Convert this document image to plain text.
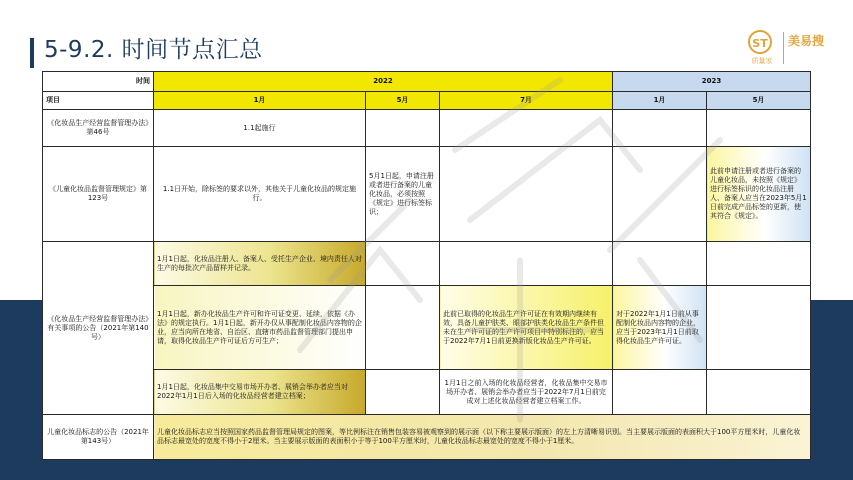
5-9.2. 时间节点汇总	ST
质量家
美易搜
时间	2022			2023	
项目	1月	5月	7月	1月	5月
《化妆品生产经营监督管理办法》第46号	1.1起施行				
《儿童化妆品监督管理规定》第123号	1.1日开始，除标签的要求以外，其他关于儿童化妆品的规定施行。	5月1日起，申请注册或者进行备案的儿童化妆品，必须按照《规定》进行标签标识；			此前申请注册或者进行备案的儿童化妆品，未按照《规定》进行标签标识的化妆品注册人、备案人应当在2023年5月1日前完成产品标签的更新，使其符合《规定》。
《化妆品生产经营监督管理办法》有关事项的公告（2021年第140号）	1月1日起，化妆品注册人、备案人、受托生产企业、境内责任人对生产的每批次产品留样并记录。				
	1月1日起，新办化妆品生产许可和许可证变更、延续，依据《办法》的规定执行。1月1日起，新开办仅从事配制化妆品内容物的企业，应当向所在地省、自治区、直辖市药品监督管理部门提出申请，取得化妆品生产许可证后方可生产；		此前已取得的化妆品生产许可证在有效期内继续有效，具备儿童护肤类、眼部护肤类化妆品生产条件但未在生产许可证的生产许可项目中特别标注的，应当于2022年7月1日前更换新版化妆品生产许可证。	对于2022年1月1日前从事配制化妆品内容物的企业，应当于2023年1月1日前取得化妆品生产许可证。	
	1月1日起，化妆品集中交易市场开办者、展销会举办者应当对2022年1月1日后入场的化妆品经营者建立档案；		1月1日之前入场的化妆品经营者，化妆品集中交易市场开办者、展销会举办者应当于2022年7月1日前完成对上述化妆品经营者建立档案工作。		
儿童化妆品标志的公告（2021年第143号）	儿童化妆品标志应当按照国家药品监督管理局规定的图案，等比例标注在销售包装容易被观察到的展示面（以下称主要展示版面）的左上方清晰易识别。当主要展示版面的表面积大于100平方厘米时，儿童化妆品标志最宽处的宽度不得小于2厘米。当主要展示版面的表面积小于等于100平方厘米时，儿童化妆品标志最宽处的宽度不得小于1厘米。				
